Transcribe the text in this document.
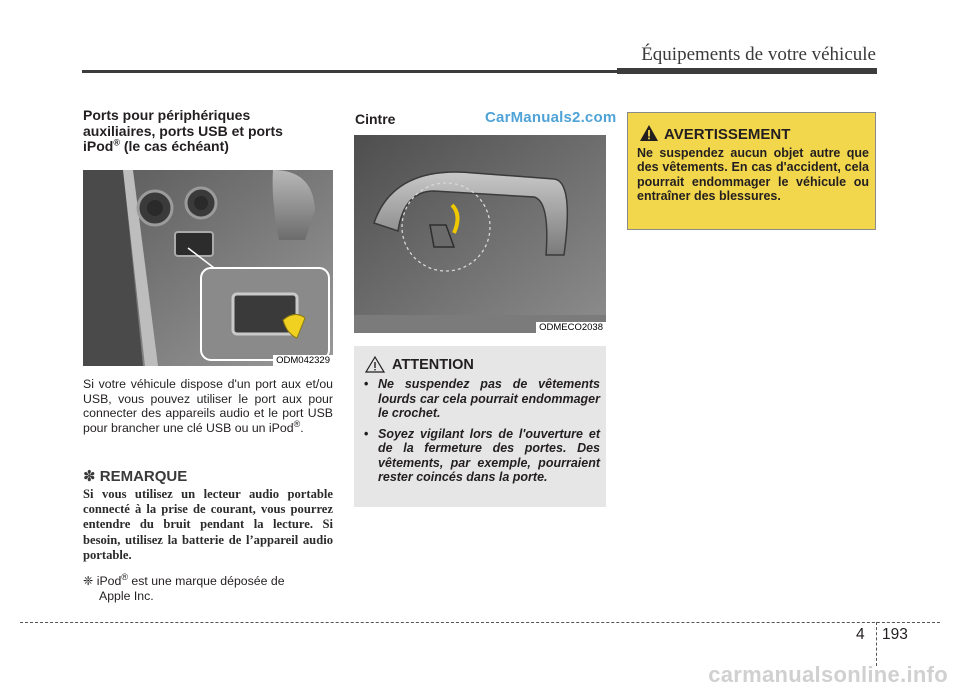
Équipements de votre véhicule

Ports pour périphériques
auxiliaires, ports USB et ports
iPod® (le cas échéant)

ODM042329
Si votre véhicule dispose d'un port aux et/ou USB, vous pouvez utiliser le port aux pour connecter des appareils audio et le port USB pour brancher une clé USB ou un iPod®.
✽ REMARQUE
Si vous utilisez un lecteur audio portable connecté à la prise de courant, vous pourrez entendre du bruit pendant la lecture. Si besoin, utilisez la batterie de l’appareil audio portable.
❈ iPod® est une marque déposée de
Apple Inc.
Cintre	CarManuals2.com
ODMECO2038
ATTENTION
• Ne suspendez pas de vêtements lourds car cela pourrait endommager le crochet.
• Soyez vigilant lors de l'ouverture et de la fermeture des portes. Des vêtements, par exemple, pourraient rester coincés dans la porte.
AVERTISSEMENT
Ne suspendez aucun objet autre que des vêtements. En cas d'accident, cela pourrait endommager le véhicule ou entraîner des blessures.
4 193
carmanualsonline.info
